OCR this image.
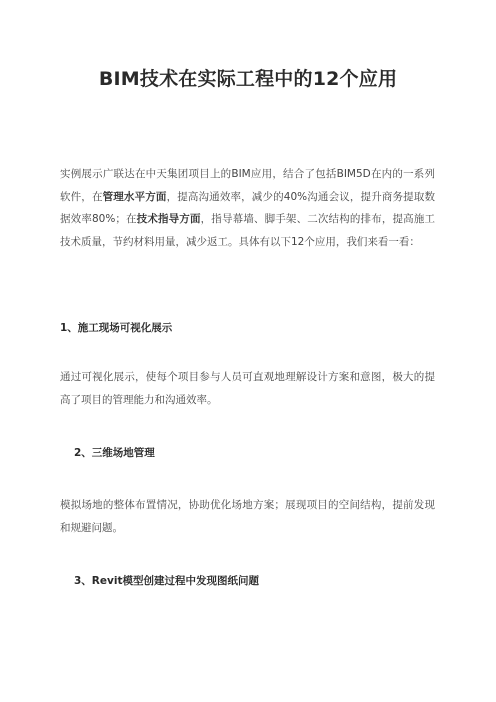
BIM技术在实际工程中的12个应用
实例展示广联达在中天集团项目上的BIM应用，结合了包括BIM5D在内的一系列软件，在管理水平方面，提高沟通效率，减少的40%沟通会议，提升商务提取数据效率80%；在技术指导方面，指导幕墙、脚手架、二次结构的排布，提高施工技术质量，节约材料用量，减少返工。具体有以下12个应用，我们来看一看：
1、施工现场可视化展示
通过可视化展示，使每个项目参与人员可直观地理解设计方案和意图，极大的提高了项目的管理能力和沟通效率。
2、三维场地管理
模拟场地的整体布置情况，协助优化场地方案；展现项目的空间结构，提前发现和规避问题。
3、Revit模型创建过程中发现图纸问题
